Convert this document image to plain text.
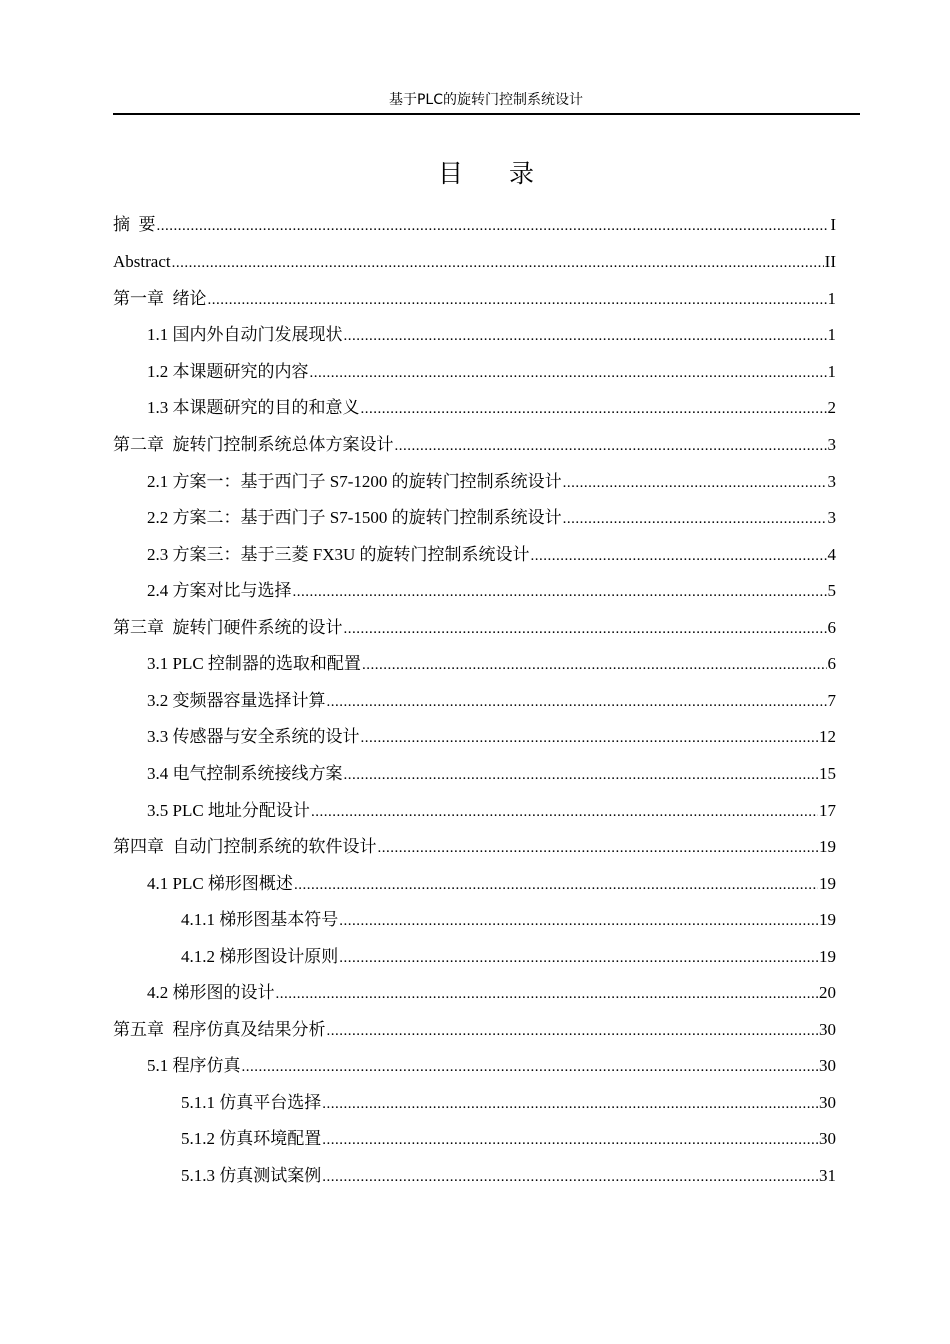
基于PLC的旋转门控制系统设计
目录
摘  要 .....	I
Abstract .....	II
第一章  绪论 .....	1
1.1 国内外自动门发展现状 .....	1
1.2 本课题研究的内容 .....	1
1.3 本课题研究的目的和意义 .....	2
第二章  旋转门控制系统总体方案设计 .....	3
2.1 方案一：基于西门子 S7-1200 的旋转门控制系统设计 .....	3
2.2 方案二：基于西门子 S7-1500 的旋转门控制系统设计 .....	3
2.3 方案三：基于三菱 FX3U 的旋转门控制系统设计 .....	4
2.4 方案对比与选择 .....	5
第三章  旋转门硬件系统的设计 .....	6
3.1 PLC 控制器的选取和配置 .....	6
3.2 变频器容量选择计算 .....	7
3.3 传感器与安全系统的设计 .....	12
3.4 电气控制系统接线方案 .....	15
3.5 PLC 地址分配设计 .....	17
第四章  自动门控制系统的软件设计 .....	19
4.1 PLC 梯形图概述 .....	19
4.1.1 梯形图基本符号 .....	19
4.1.2 梯形图设计原则 .....	19
4.2 梯形图的设计 .....	20
第五章  程序仿真及结果分析 .....	30
5.1 程序仿真 .....	30
5.1.1 仿真平台选择 .....	30
5.1.2 仿真环境配置 .....	30
5.1.3 仿真测试案例 .....	31
